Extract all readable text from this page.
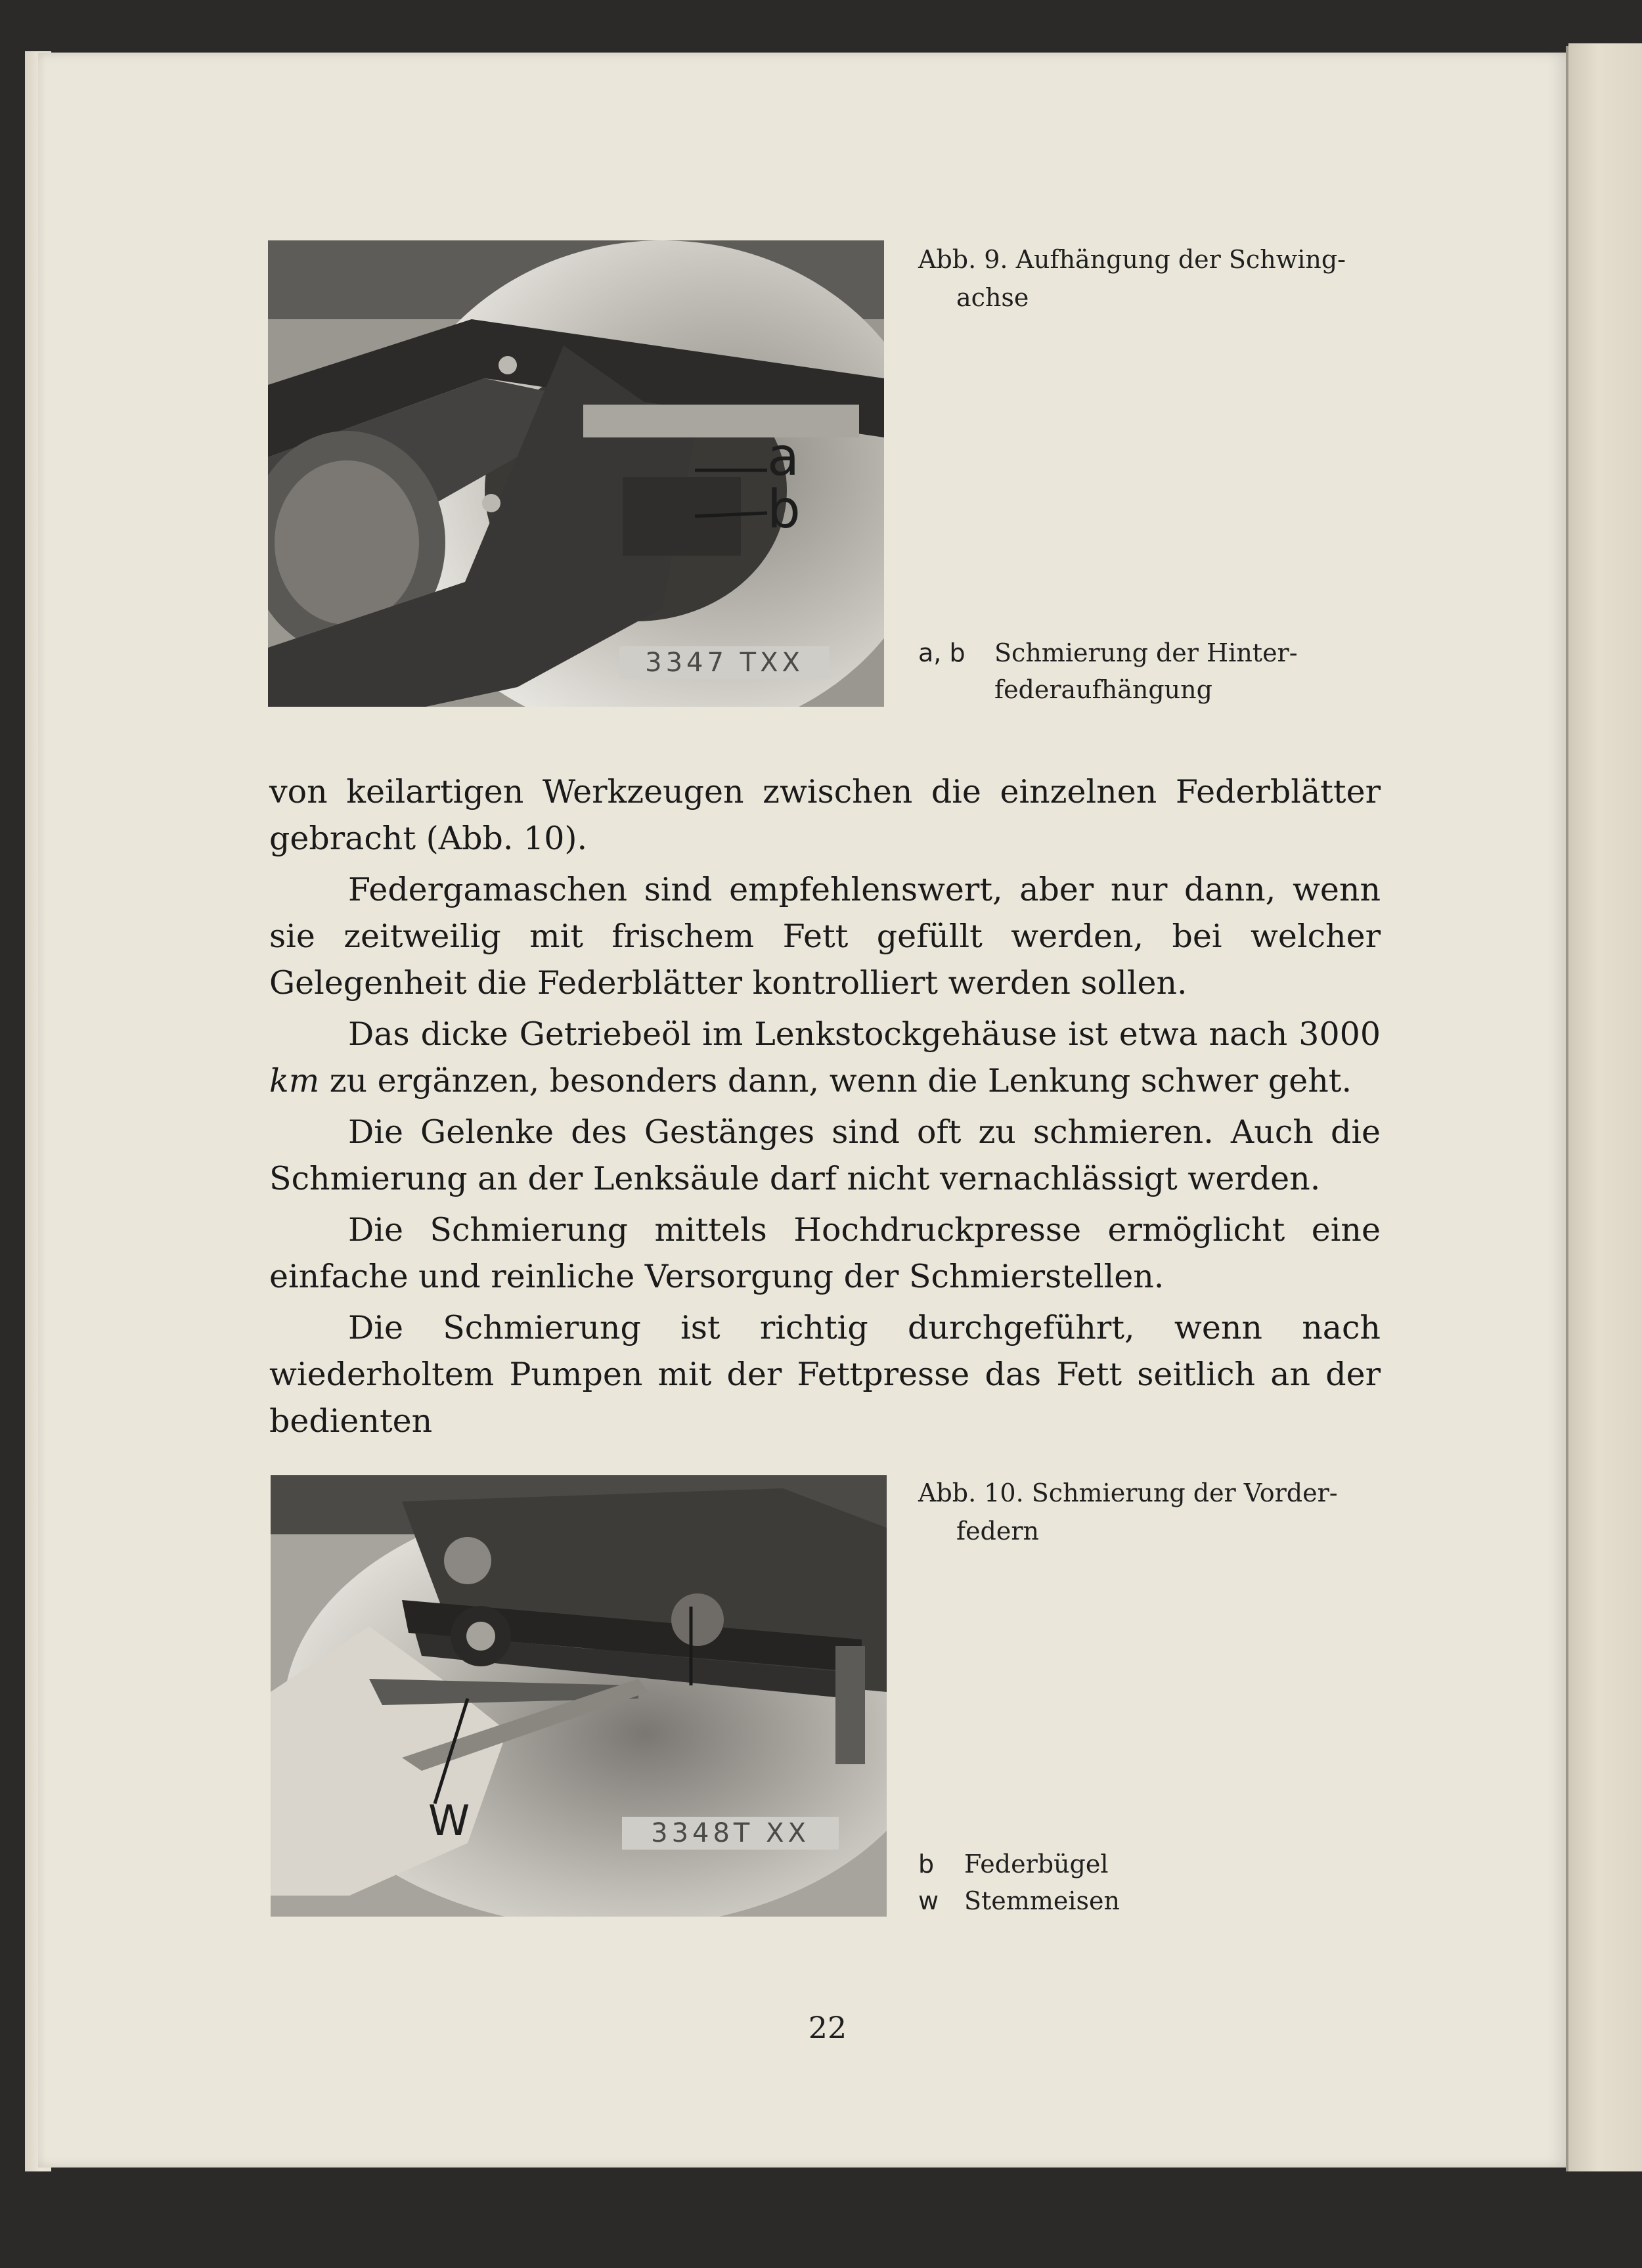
a
b
3347 TXX
Abb. 9. Aufhängung der Schwing-
achse
a, b	Schmierung der Hinter-
federaufhängung

von keilartigen Werkzeugen zwischen die einzelnen Federblätter gebracht (Abb. 10).

Federgamaschen sind empfehlenswert, aber nur dann, wenn sie zeitweilig mit frischem Fett gefüllt werden, bei welcher Gelegenheit die Federblätter kontrolliert werden sollen.

Das dicke Getriebeöl im Lenkstockgehäuse ist etwa nach 3000 km zu ergänzen, besonders dann, wenn die Lenkung schwer geht.

Die Gelenke des Gestänges sind oft zu schmieren. Auch die Schmierung an der Lenksäule darf nicht vernachlässigt werden.

Die Schmierung mittels Hochdruckpresse ermöglicht eine einfache und reinliche Versorgung der Schmierstellen.

Die Schmierung ist richtig durchgeführt, wenn nach wiederholtem Pumpen mit der Fettpresse das Fett seitlich an der bedienten

W	3348T XX
Abb. 10. Schmierung der Vorder-
federn
b	Federbügel
w	Stemmeisen
22
